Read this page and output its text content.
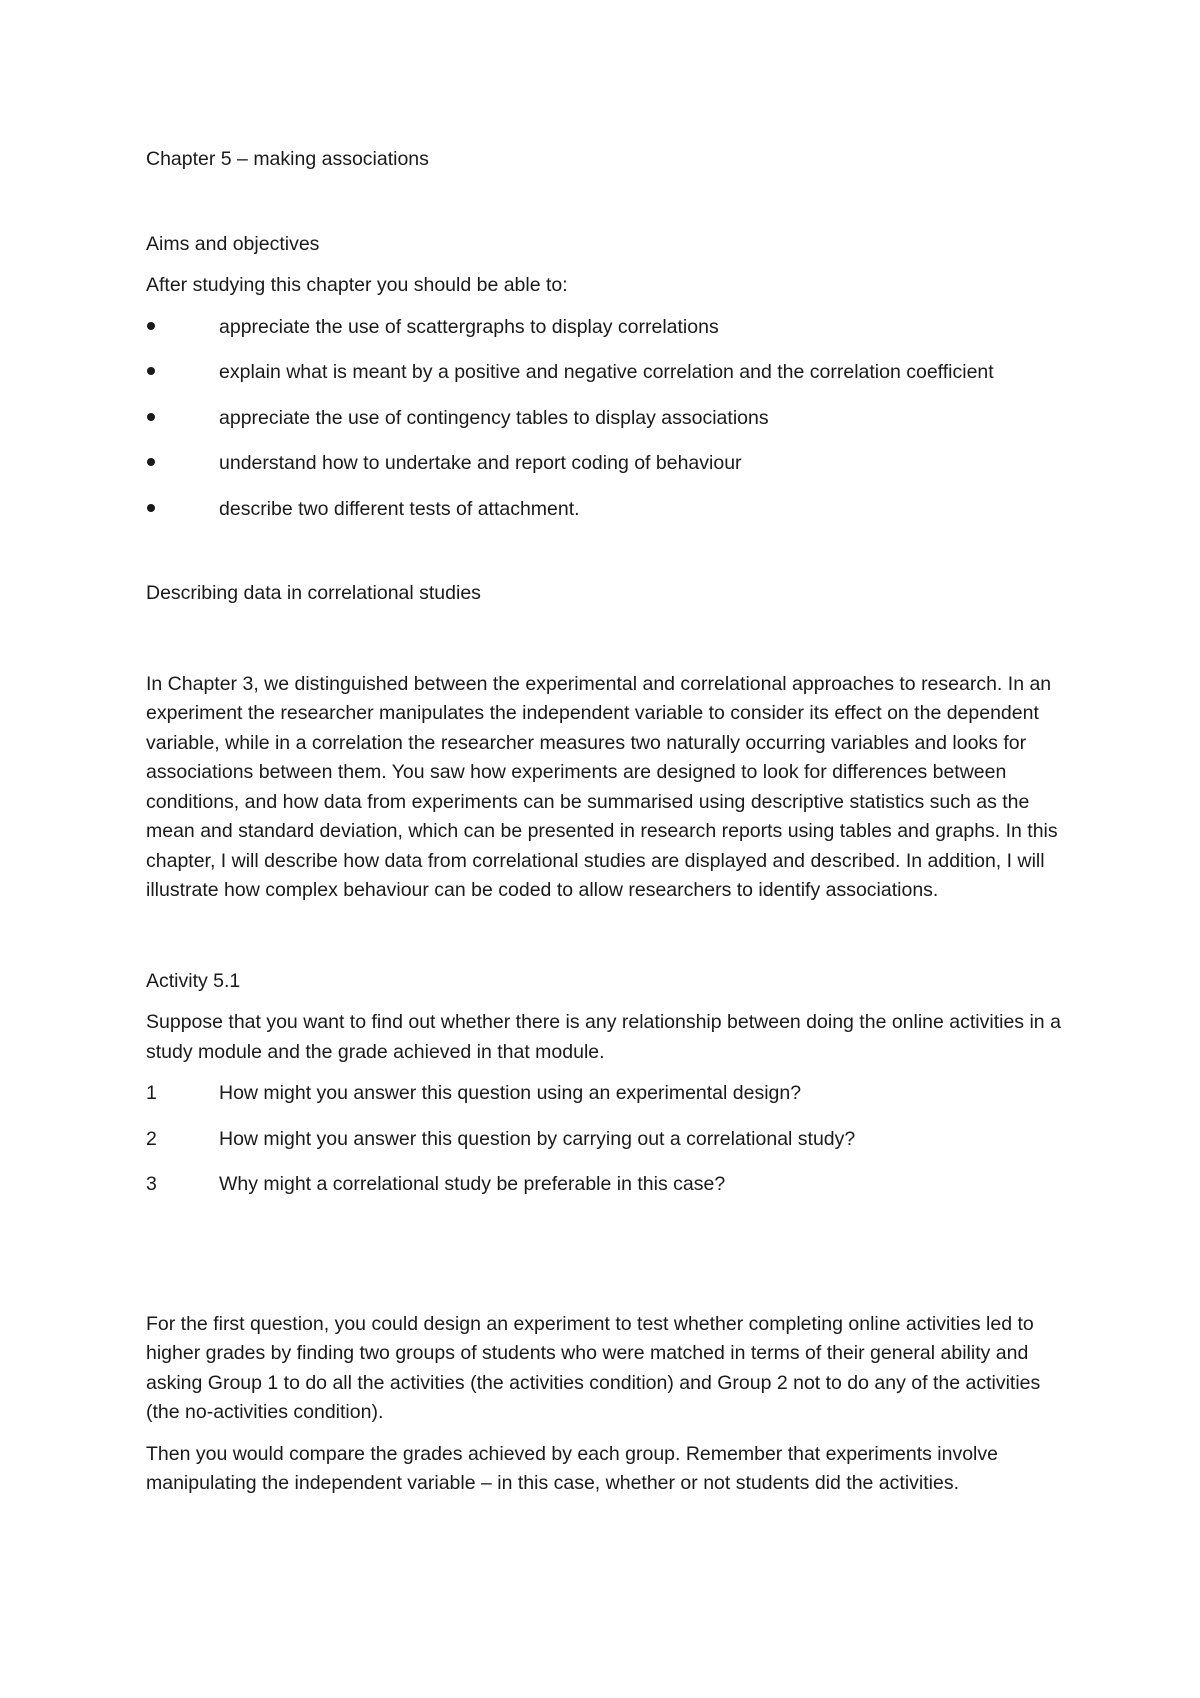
Chapter 5 – making associations

Aims and objectives

After studying this chapter you should be able to:

appreciate the use of scattergraphs to display correlations
explain what is meant by a positive and negative correlation and the correlation coefficient
appreciate the use of contingency tables to display associations
understand how to undertake and report coding of behaviour
describe two different tests of attachment.

Describing data in correlational studies

In Chapter 3, we distinguished between the experimental and correlational approaches to research. In an experiment the researcher manipulates the independent variable to consider its effect on the dependent variable, while in a correlation the researcher measures two naturally occurring variables and looks for associations between them. You saw how experiments are designed to look for differences between conditions, and how data from experiments can be summarised using descriptive statistics such as the mean and standard deviation, which can be presented in research reports using tables and graphs. In this chapter, I will describe how data from correlational studies are displayed and described. In addition, I will illustrate how complex behaviour can be coded to allow researchers to identify associations.

Activity 5.1

Suppose that you want to find out whether there is any relationship between doing the online activities in a study module and the grade achieved in that module.

1	How might you answer this question using an experimental design?
2	How might you answer this question by carrying out a correlational study?
3	Why might a correlational study be preferable in this case?

For the first question, you could design an experiment to test whether completing online activities led to higher grades by finding two groups of students who were matched in terms of their general ability and asking Group 1 to do all the activities (the activities condition) and Group 2 not to do any of the activities (the no-activities condition).

Then you would compare the grades achieved by each group. Remember that experiments involve manipulating the independent variable – in this case, whether or not students did the activities.
